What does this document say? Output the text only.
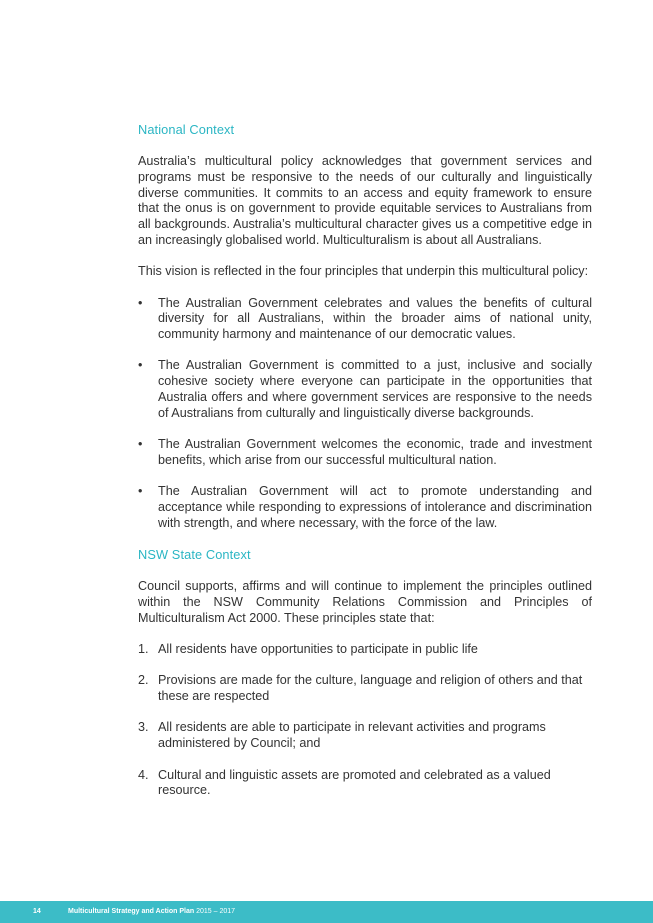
National Context

Australia’s multicultural policy acknowledges that government services and programs must be responsive to the needs of our culturally and linguistically diverse communities. It commits to an access and equity framework to ensure that the onus is on government to provide equitable services to Australians from all backgrounds. Australia’s multicultural character gives us a competitive edge in an increasingly globalised world. Multiculturalism is about all Australians.

This vision is reflected in the four principles that underpin this multicultural policy:

• The Australian Government celebrates and values the benefits of cultural diversity for all Australians, within the broader aims of national unity, community harmony and maintenance of our democratic values.

• The Australian Government is committed to a just, inclusive and socially cohesive society where everyone can participate in the opportunities that Australia offers and where government services are responsive to the needs of Australians from culturally and linguistically diverse backgrounds.

• The Australian Government welcomes the economic, trade and investment benefits, which arise from our successful multicultural nation.

• The Australian Government will act to promote understanding and acceptance while responding to expressions of intolerance and discrimination with strength, and where necessary, with the force of the law.

NSW State Context

Council supports, affirms and will continue to implement the principles outlined within the NSW Community Relations Commission and Principles of Multiculturalism Act 2000. These principles state that:

1. All residents have opportunities to participate in public life

2. Provisions are made for the culture, language and religion of others and that these are respected

3. All residents are able to participate in relevant activities and programs administered by Council; and

4. Cultural and linguistic assets are promoted and celebrated as a valued resource.

14	Multicultural Strategy and Action Plan 2015 – 2017
